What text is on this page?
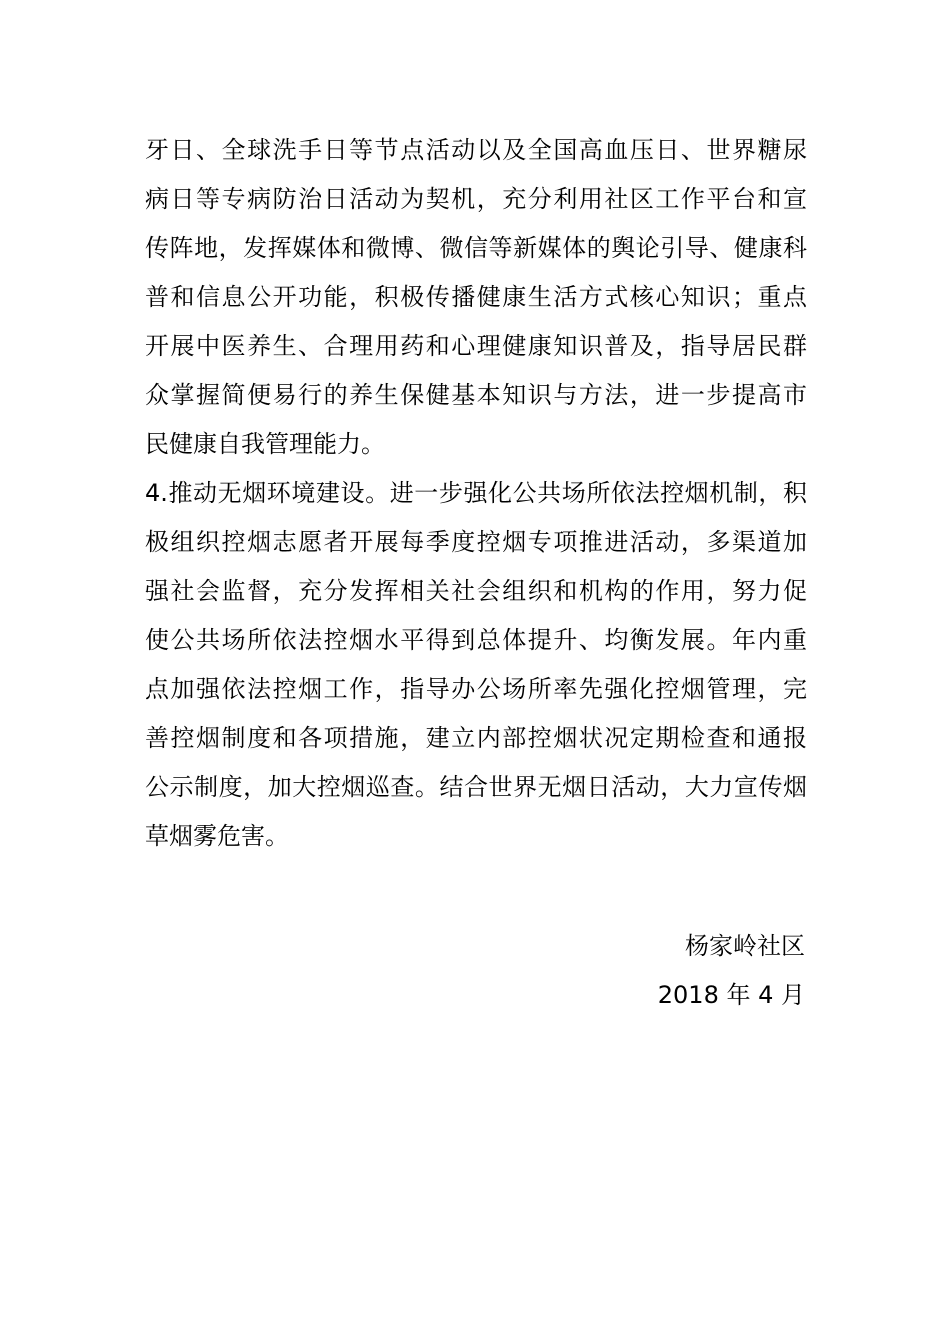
牙日、全球洗手日等节点活动以及全国高血压日、世界糖尿
病日等专病防治日活动为契机，充分利用社区工作平台和宣
传阵地，发挥媒体和微博、微信等新媒体的舆论引导、健康科
普和信息公开功能，积极传播健康生活方式核心知识；重点
开展中医养生、合理用药和心理健康知识普及，指导居民群
众掌握简便易行的养生保健基本知识与方法，进一步提高市
民健康自我管理能力。
4.推动无烟环境建设。进一步强化公共场所依法控烟机制，积
极组织控烟志愿者开展每季度控烟专项推进活动，多渠道加
强社会监督，充分发挥相关社会组织和机构的作用，努力促
使公共场所依法控烟水平得到总体提升、均衡发展。年内重
点加强依法控烟工作，指导办公场所率先强化控烟管理，完
善控烟制度和各项措施，建立内部控烟状况定期检查和通报
公示制度，加大控烟巡查。结合世界无烟日活动，大力宣传烟
草烟雾危害。
杨家岭社区
2018 年 4 月
